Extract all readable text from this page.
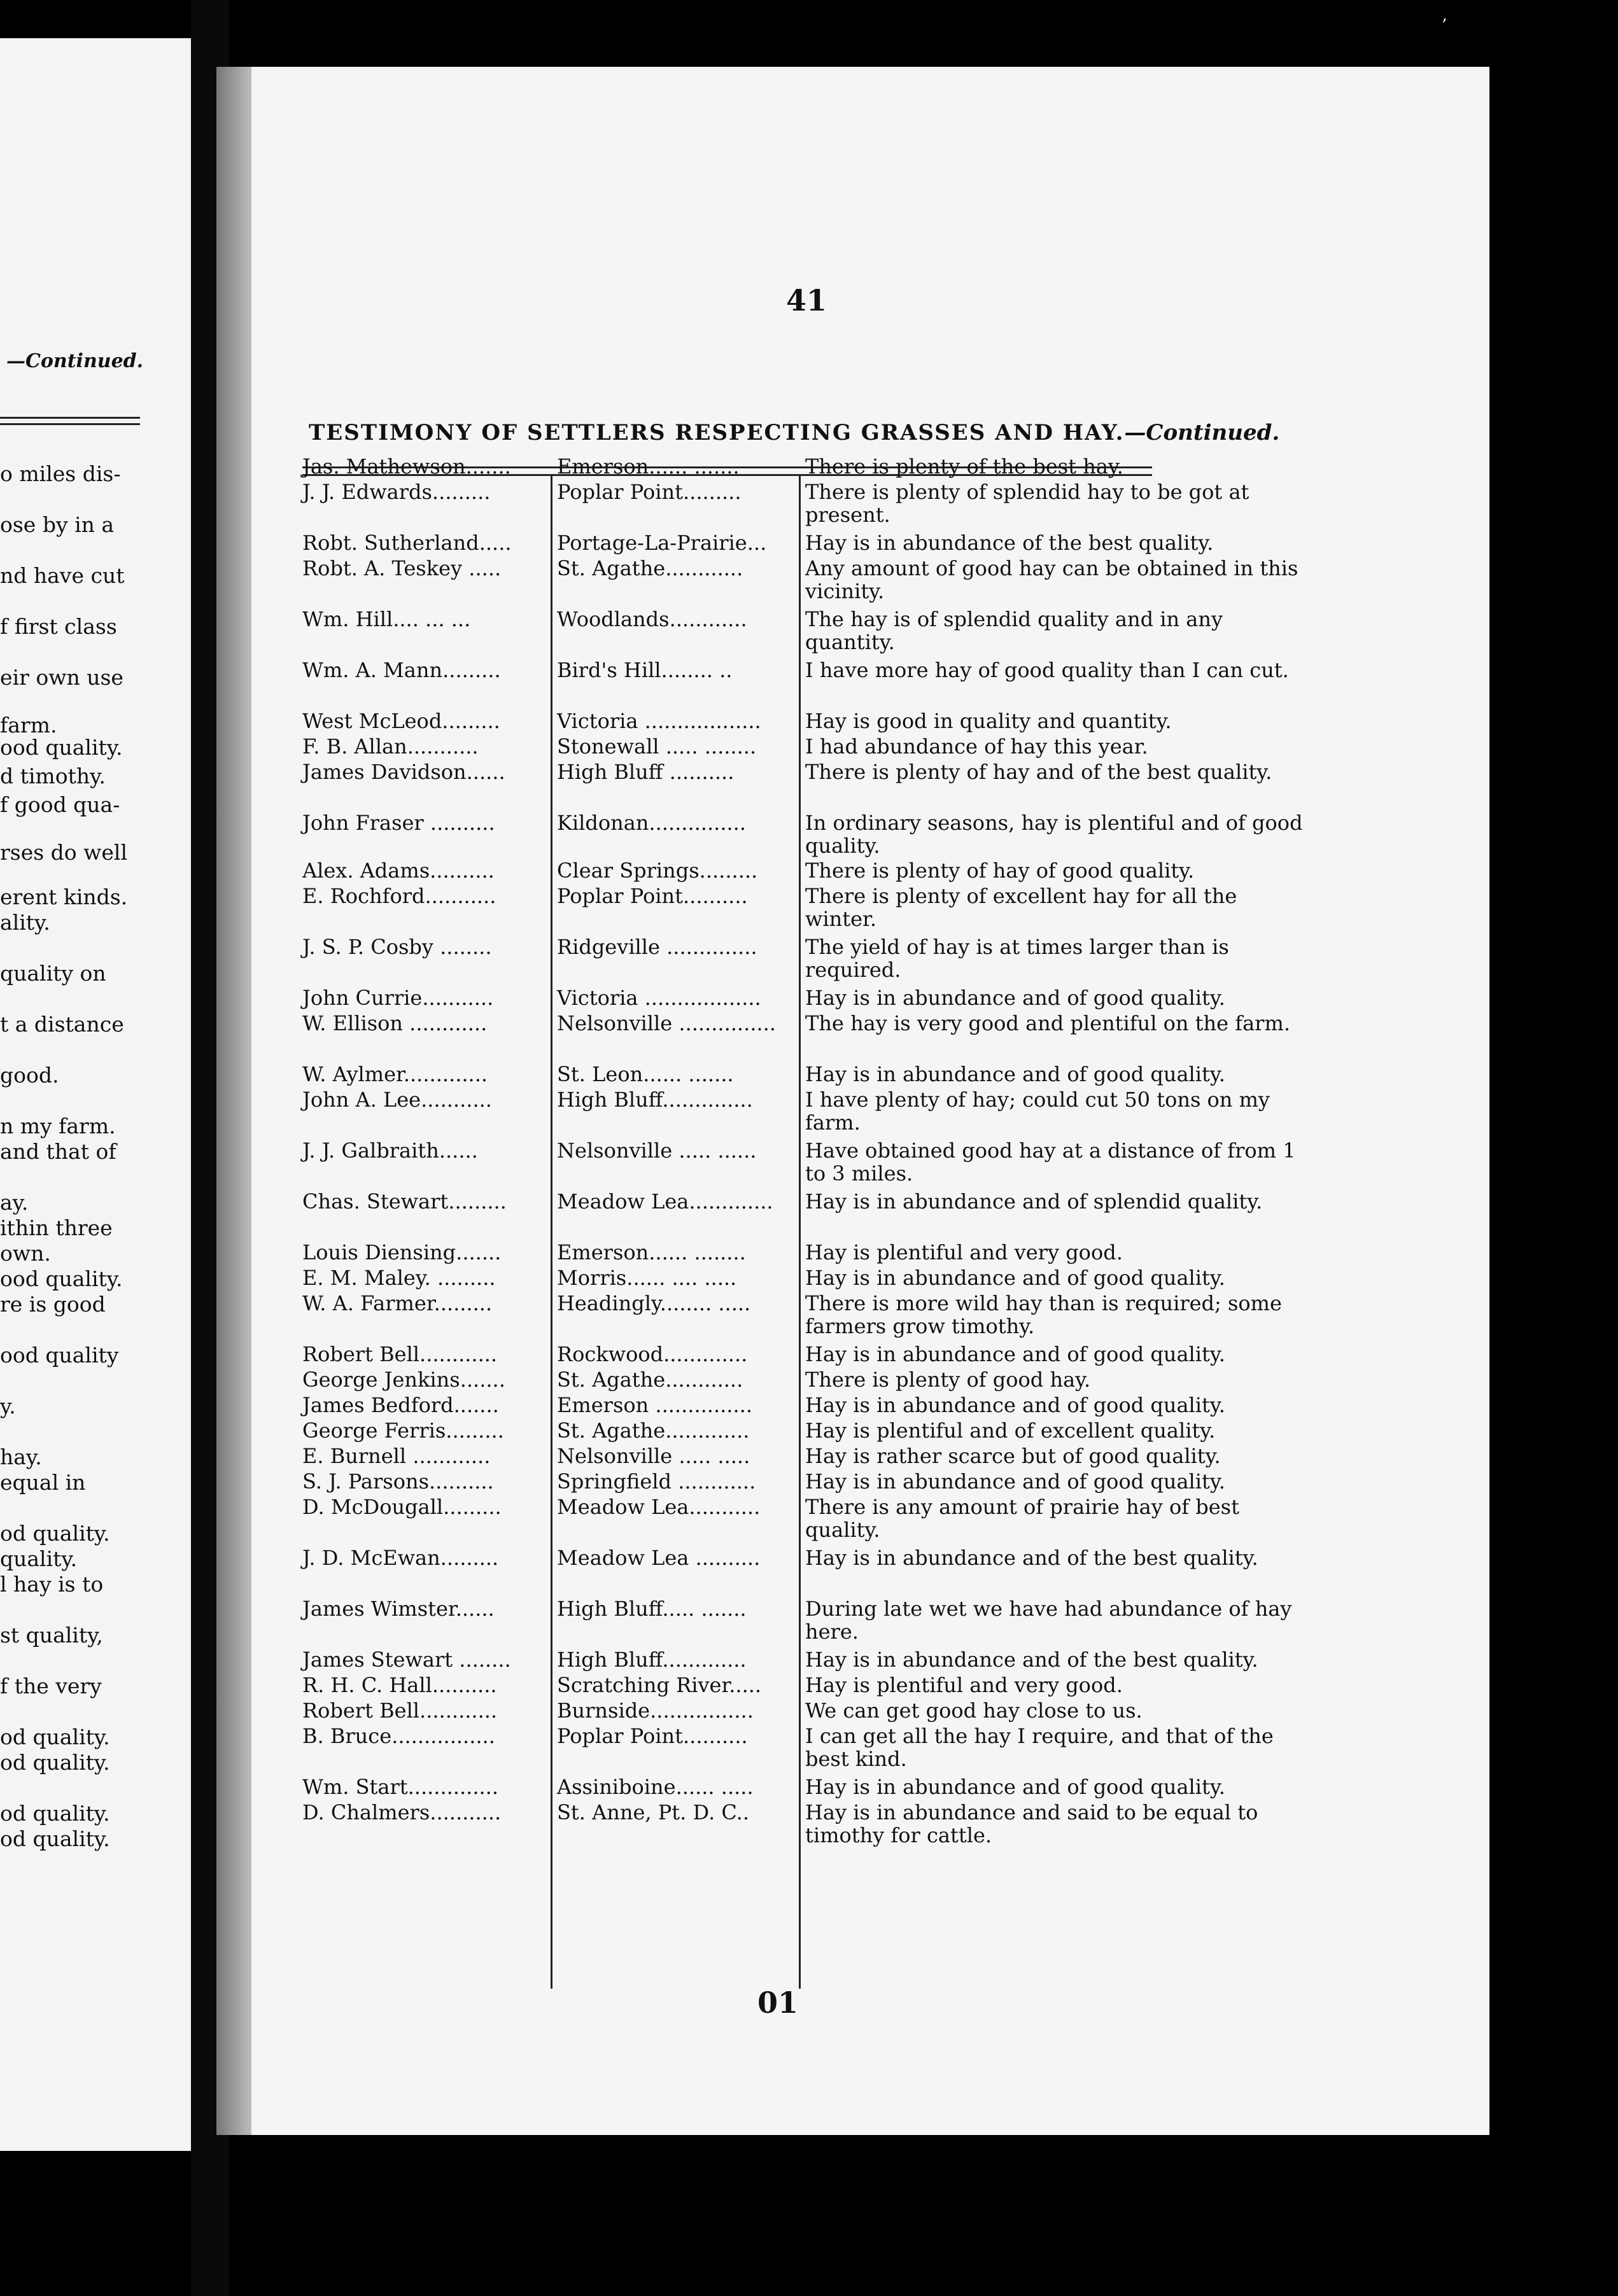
—Continued.
o miles dis-
ose by in a
nd have cut
f first class
eir own use
farm.
ood quality.
d timothy.
f good qua-
rses do well
erent kinds.
ality.
quality on
t a distance
good.
n my farm.
and that of
ay.
ithin three
own.
ood quality.
re is good
ood quality
y.
hay.
equal in
od quality.
quality.
l hay is to
st quality,
f the very
od quality.
od quality.
od quality.
od quality.
41
TESTIMONY OF SETTLERS RESPECTING GRASSES AND HAY.—Continued.
Jas. Mathewson....... Emerson...... .......	There is plenty of the best hay.
J. J. Edwards.........	Poplar Point.........	There is plenty of splendid hay to be got at present.
Robt. Sutherland..... Portage-La-Prairie... Hay is in abundance of the best quality.
Robt. A. Teskey .....	St. Agathe............	Any amount of good hay can be obtained in this vicinity.
Wm. Hill.... ... ...	Woodlands............	The hay is of splendid quality and in any quantity.
Wm. A. Mann.........	Bird's Hill........ ..	I have more hay of good quality than I can cut.
West McLeod.........	Victoria .................. Hay is good in quality and quantity.
F. B. Allan...........	Stonewall ..... ........ I had abundance of hay this year.
James Davidson......	High Bluff ..........	There is plenty of hay and of the best quality.
John Fraser ..........	Kildonan...............	In ordinary seasons, hay is plentiful and of good quality.
Alex. Adams..........	Clear Springs......... There is plenty of hay of good quality.
E. Rochford...........	Poplar Point..........	There is plenty of excellent hay for all the winter.
J. S. P. Cosby ........	Ridgeville .............. The yield of hay is at times larger than is required.
John Currie...........	Victoria .................. Hay is in abundance and of good quality.
W. Ellison ............	Nelsonville ............... The hay is very good and plentiful on the farm.
W. Aylmer.............	St. Leon...... .......	Hay is in abundance and of good quality.
John A. Lee...........	High Bluff..............	I have plenty of hay; could cut 50 tons on my farm.
J. J. Galbraith......	Nelsonville ..... ...... Have obtained good hay at a distance of from 1 to 3 miles.
Chas. Stewart......... Meadow Lea............. Hay is in abundance and of splendid quality.
Louis Diensing.......	Emerson...... ........	Hay is plentiful and very good.
E. M. Maley. .........	Morris...... .... .....	Hay is in abundance and of good quality.
W. A. Farmer.........	Headingly........ .....	There is more wild hay than is required; some farmers grow timothy.
Robert Bell............	Rockwood.............	Hay is in abundance and of good quality.
George Jenkins.......	St. Agathe............	There is plenty of good hay.
James Bedford.......	Emerson ...............	Hay is in abundance and of good quality.
George Ferris.........	St. Agathe.............	Hay is plentiful and of excellent quality.
E. Burnell ............	Nelsonville ..... .....	Hay is rather scarce but of good quality.
S. J. Parsons..........	Springfield ............ Hay is in abundance and of good quality.
D. McDougall.........	Meadow Lea........... There is any amount of prairie hay of best quality.
J. D. McEwan.........	Meadow Lea .......... Hay is in abundance and of the best quality.
James Wimster......	High Bluff..... .......	During late wet we have had abundance of hay here.
James Stewart ........ High Bluff.............	Hay is in abundance and of the best quality.
R. H. C. Hall..........	Scratching River..... Hay is plentiful and very good.
Robert Bell............	Burnside................	We can get good hay close to us.
B. Bruce................	Poplar Point..........	I can get all the hay I require, and that of the best kind.
Wm. Start..............	Assiniboine...... .....	Hay is in abundance and of good quality.
D. Chalmers...........	St. Anne, Pt. D. C..	Hay is in abundance and said to be equal to timothy for cattle.
01
’
